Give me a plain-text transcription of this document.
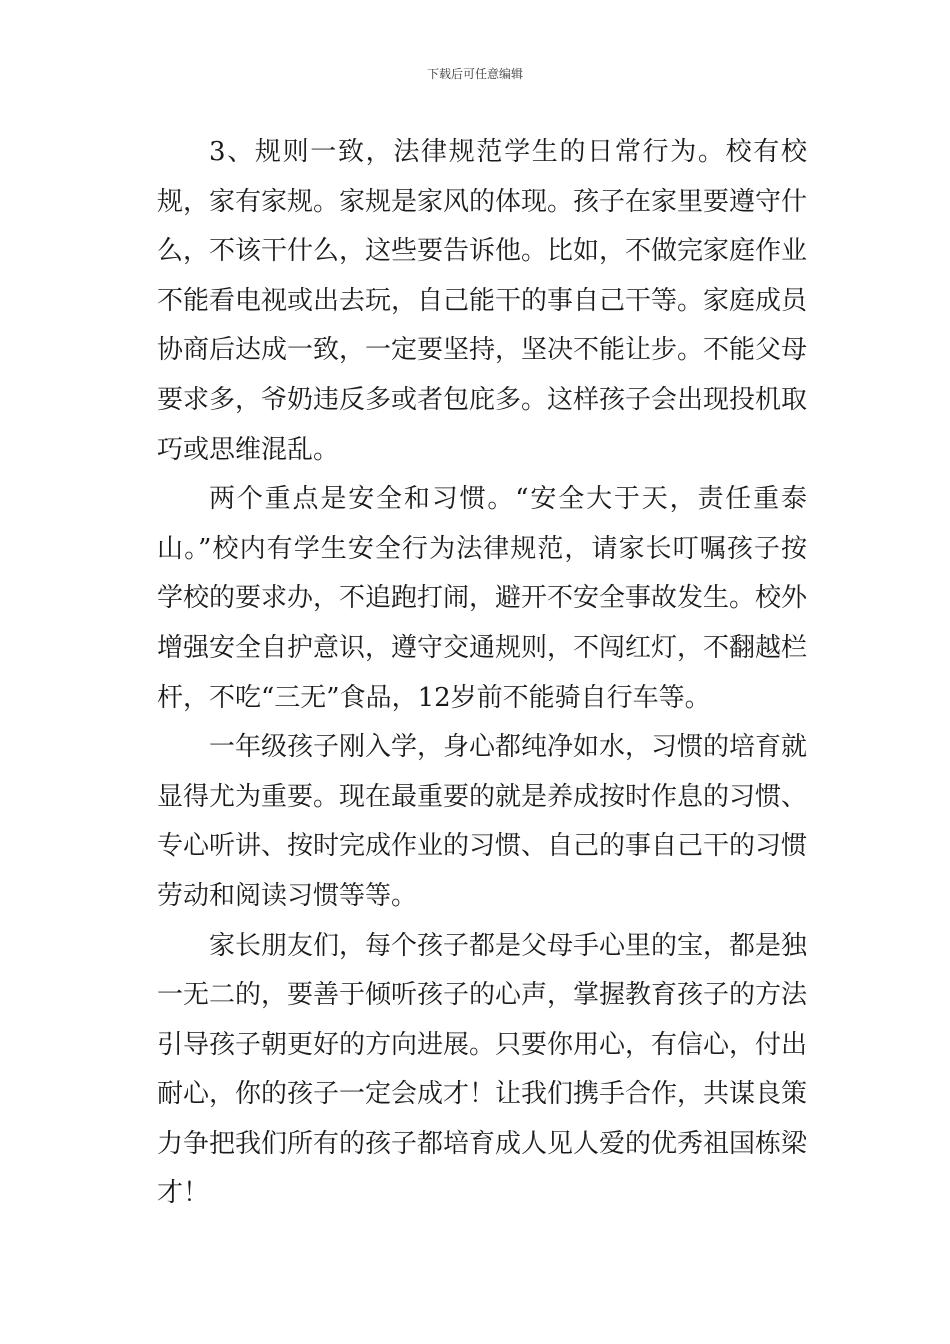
下载后可任意编辑

3、规则一致，法律规范学生的日常行为。校有校规，家有家规。家规是家风的体现。孩子在家里要遵守什么，不该干什么，这些要告诉他。比如，不做完家庭作业不能看电视或出去玩，自己能干的事自己干等。家庭成员协商后达成一致，一定要坚持，坚决不能让步。不能父母要求多，爷奶违反多或者包庇多。这样孩子会出现投机取巧或思维混乱。

两个重点是安全和习惯。“安全大于天，责任重泰山。”校内有学生安全行为法律规范，请家长叮嘱孩子按学校的要求办，不追跑打闹，避开不安全事故发生。校外增强安全自护意识，遵守交通规则，不闯红灯，不翻越栏杆，不吃“三无”食品，12岁前不能骑自行车等。

一年级孩子刚入学，身心都纯净如水，习惯的培育就显得尤为重要。现在最重要的就是养成按时作息的习惯、专心听讲、按时完成作业的习惯、自己的事自己干的习惯劳动和阅读习惯等等。

家长朋友们，每个孩子都是父母手心里的宝，都是独一无二的，要善于倾听孩子的心声，掌握教育孩子的方法引导孩子朝更好的方向进展。只要你用心，有信心，付出耐心，你的孩子一定会成才！让我们携手合作，共谋良策力争把我们所有的孩子都培育成人见人爱的优秀祖国栋梁才！
